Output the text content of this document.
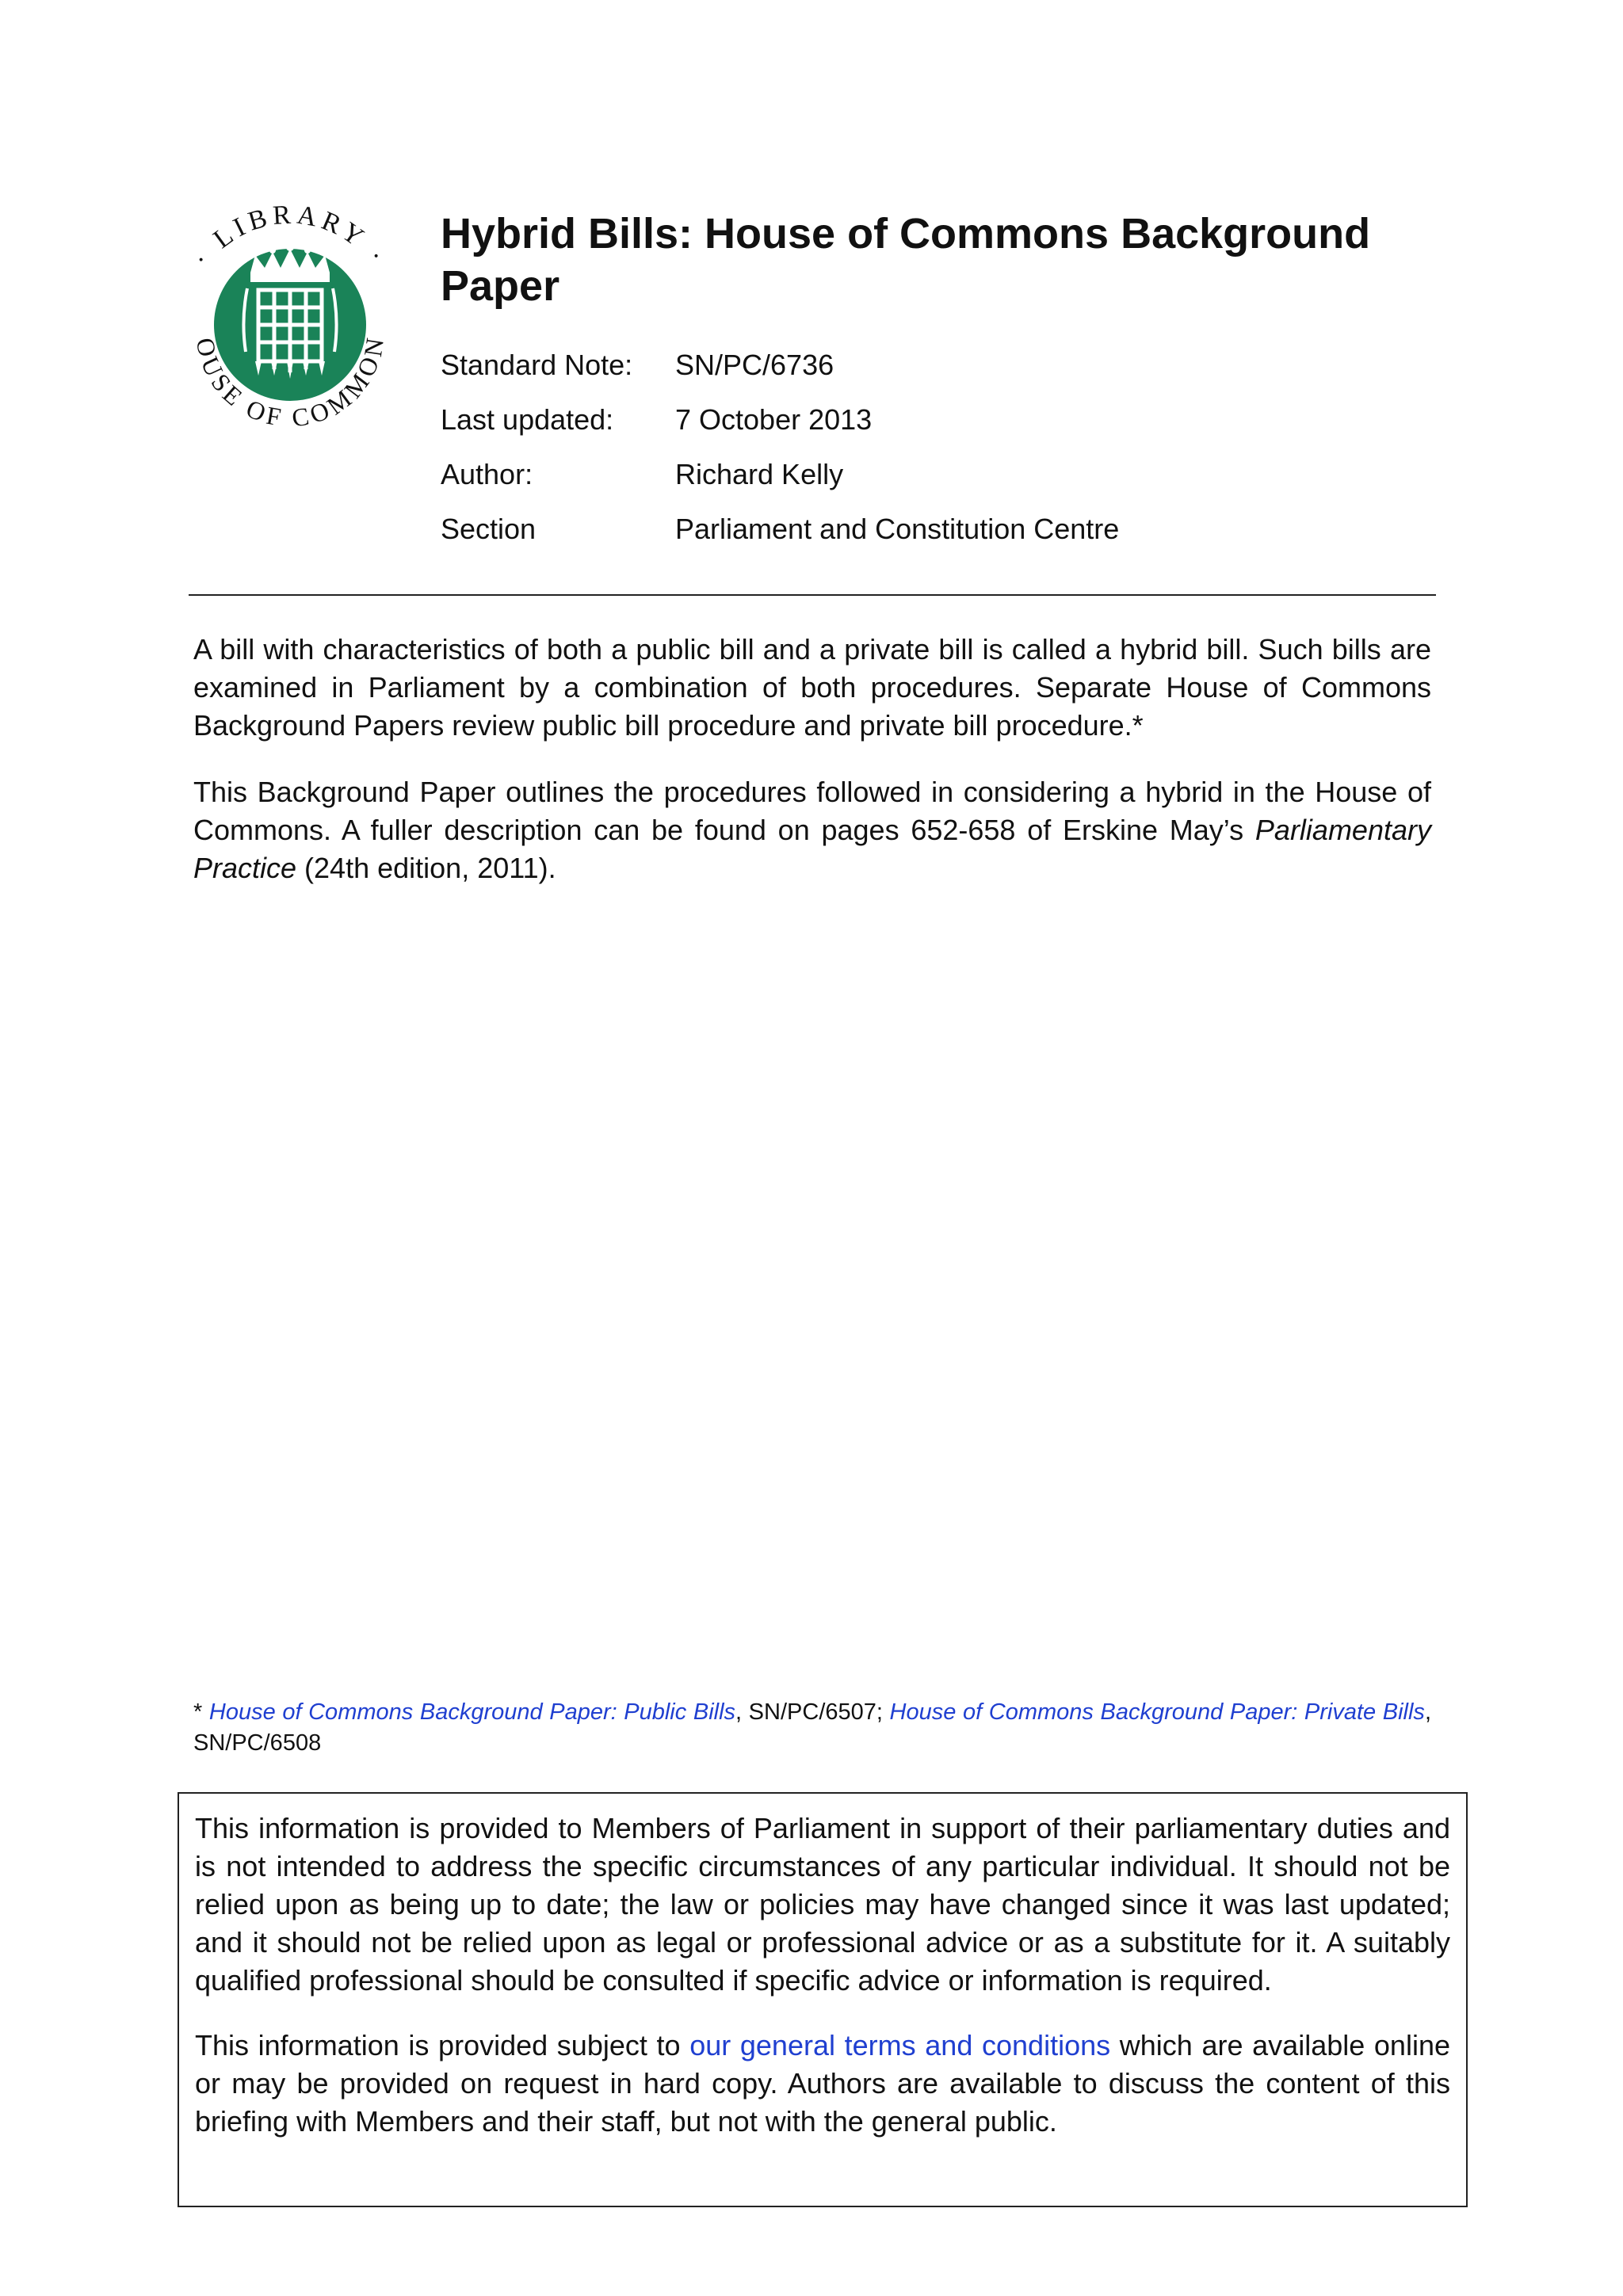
· LIBRARY ·
OUSE OF COMMON
Hybrid Bills: House of Commons Background Paper
Standard Note:	SN/PC/6736
Last updated:	7 October 2013
Author:	Richard Kelly
Section	Parliament and Constitution Centre

A bill with characteristics of both a public bill and a private bill is called a hybrid bill. Such bills are examined in Parliament by a combination of both procedures. Separate House of Commons Background Papers review public bill procedure and private bill procedure.*

This Background Paper outlines the procedures followed in considering a hybrid in the House of Commons. A fuller description can be found on pages 652-658 of Erskine May’s Parliamentary Practice (24th edition, 2011).

* House of Commons Background Paper: Public Bills, SN/PC/6507; House of Commons Background Paper: Private Bills, SN/PC/6508

This information is provided to Members of Parliament in support of their parliamentary duties and is not intended to address the specific circumstances of any particular individual. It should not be relied upon as being up to date; the law or policies may have changed since it was last updated; and it should not be relied upon as legal or professional advice or as a substitute for it. A suitably qualified professional should be consulted if specific advice or information is required.

This information is provided subject to our general terms and conditions which are available online or may be provided on request in hard copy. Authors are available to discuss the content of this briefing with Members and their staff, but not with the general public.
